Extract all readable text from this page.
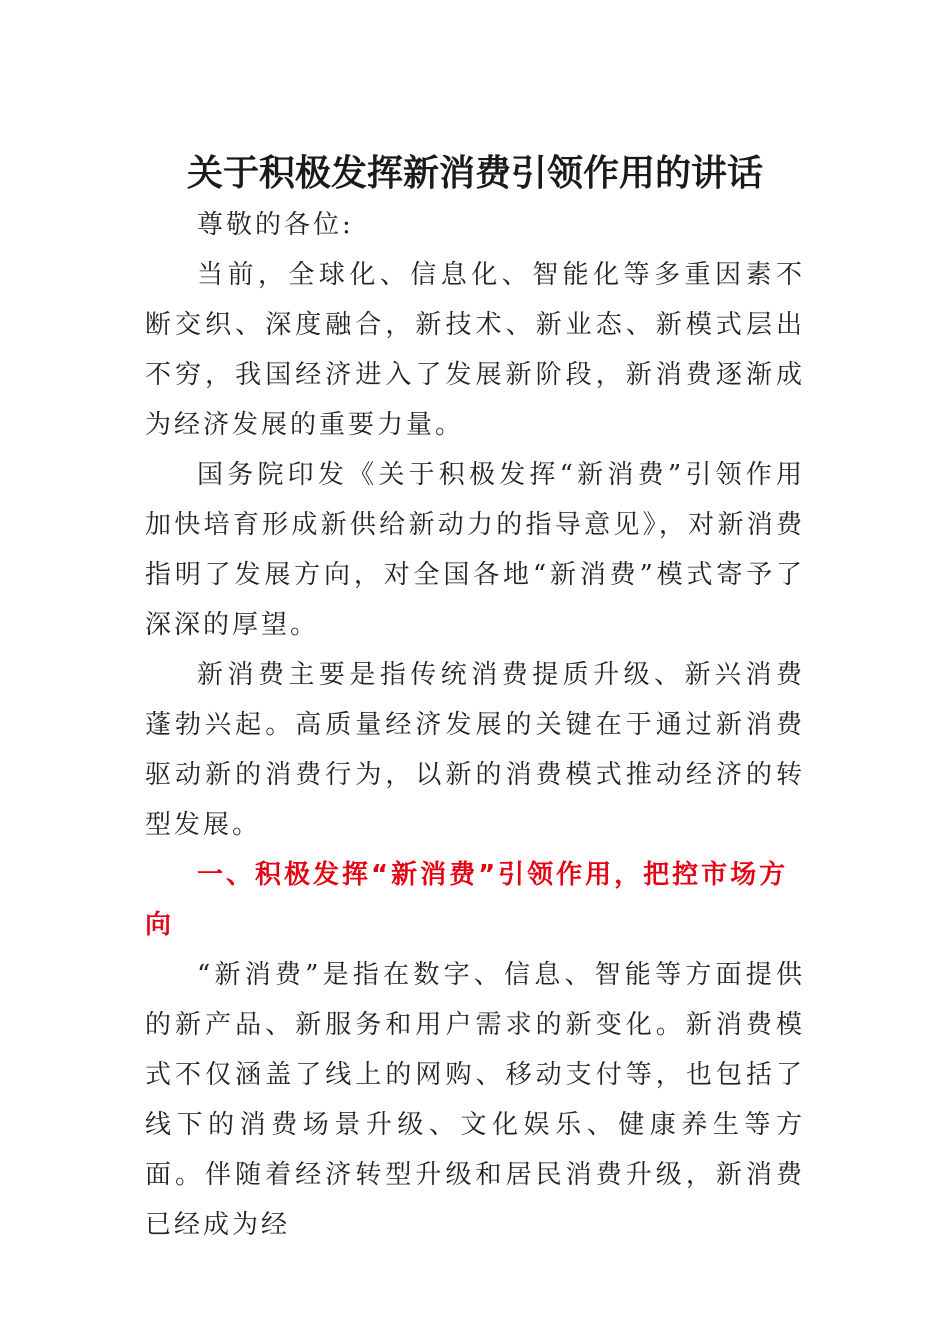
关于积极发挥新消费引领作用的讲话

尊敬的各位:

当前，全球化、信息化、智能化等多重因素不断交织、深度融合，新技术、新业态、新模式层出不穷，我国经济进入了发展新阶段，新消费逐渐成为经济发展的重要力量。

国务院印发《关于积极发挥“新消费”引领作用加快培育形成新供给新动力的指导意见》，对新消费指明了发展方向，对全国各地“新消费”模式寄予了深深的厚望。

新消费主要是指传统消费提质升级、新兴消费蓬勃兴起。高质量经济发展的关键在于通过新消费驱动新的消费行为，以新的消费模式推动经济的转型发展。

一、积极发挥“新消费”引领作用，把控市场方向

“新消费”是指在数字、信息、智能等方面提供的新产品、新服务和用户需求的新变化。新消费模式不仅涵盖了线上的网购、移动支付等，也包括了线下的消费场景升级、文化娱乐、健康养生等方面。伴随着经济转型升级和居民消费升级，新消费已经成为经
